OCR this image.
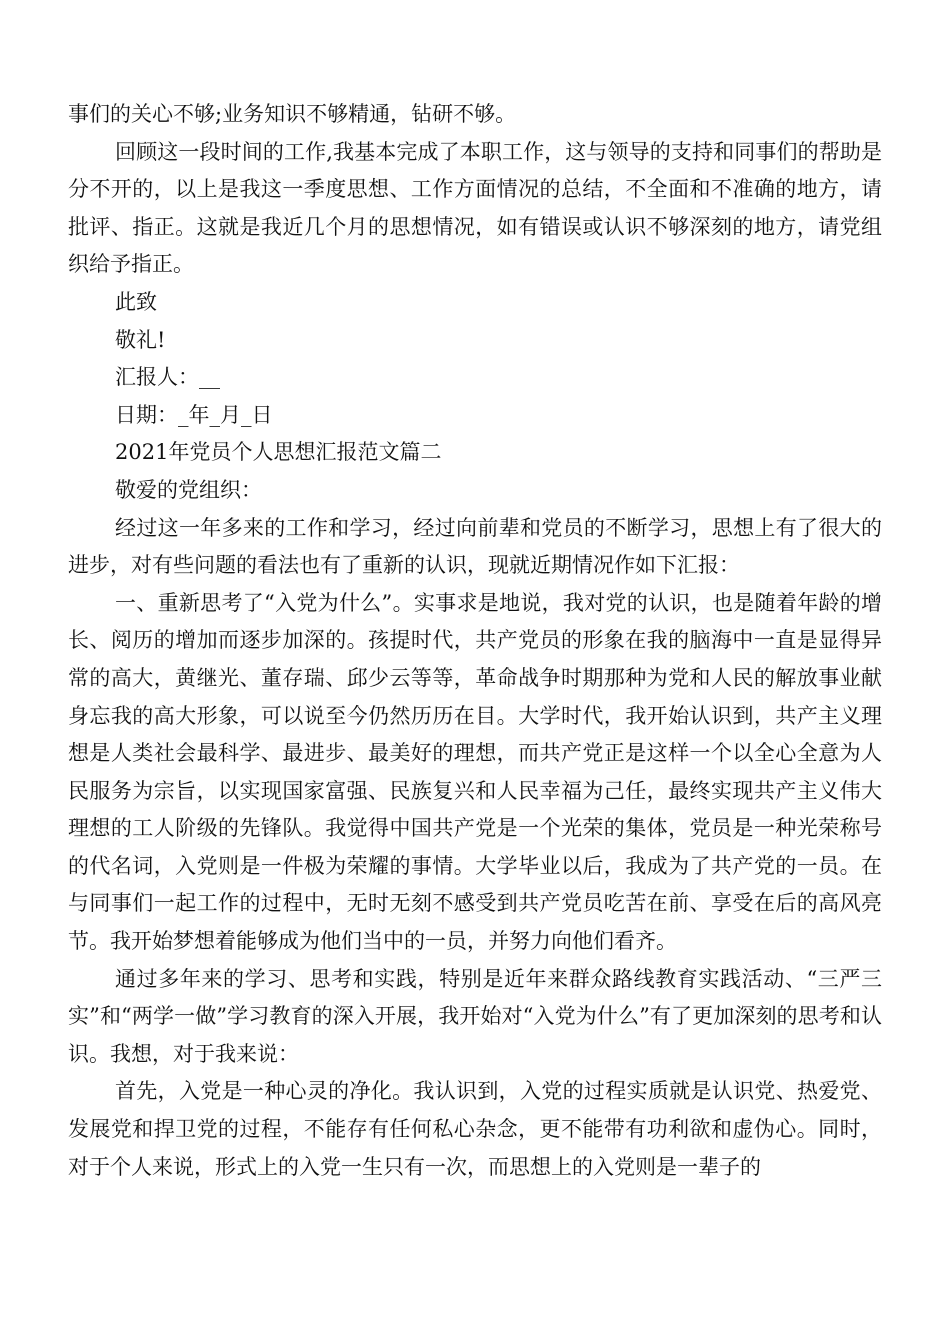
事们的关心不够;业务知识不够精通，钻研不够。

回顾这一段时间的工作,我基本完成了本职工作，这与领导的支持和同事们的帮助是分不开的，以上是我这一季度思想、工作方面情况的总结，不全面和不准确的地方，请批评、指正。这就是我近几个月的思想情况，如有错误或认识不够深刻的地方，请党组织给予指正。

此致

敬礼!

汇报人：__

日期：_年_月_日

2021年党员个人思想汇报范文篇二

敬爱的党组织：

经过这一年多来的工作和学习，经过向前辈和党员的不断学习，思想上有了很大的进步，对有些问题的看法也有了重新的认识，现就近期情况作如下汇报：

一、重新思考了“入党为什么”。实事求是地说，我对党的认识，也是随着年龄的增长、阅历的增加而逐步加深的。孩提时代，共产党员的形象在我的脑海中一直是显得异常的高大，黄继光、董存瑞、邱少云等等，革命战争时期那种为党和人民的解放事业献身忘我的高大形象，可以说至今仍然历历在目。大学时代，我开始认识到，共产主义理想是人类社会最科学、最进步、最美好的理想，而共产党正是这样一个以全心全意为人民服务为宗旨，以实现国家富强、民族复兴和人民幸福为己任，最终实现共产主义伟大理想的工人阶级的先锋队。我觉得中国共产党是一个光荣的集体，党员是一种光荣称号的代名词，入党则是一件极为荣耀的事情。大学毕业以后，我成为了共产党的一员。在与同事们一起工作的过程中，无时无刻不感受到共产党员吃苦在前、享受在后的高风亮节。我开始梦想着能够成为他们当中的一员，并努力向他们看齐。

通过多年来的学习、思考和实践，特别是近年来群众路线教育实践活动、“三严三实”和“两学一做”学习教育的深入开展，我开始对“入党为什么”有了更加深刻的思考和认识。我想，对于我来说：

首先，入党是一种心灵的净化。我认识到，入党的过程实质就是认识党、热爱党、发展党和捍卫党的过程，不能存有任何私心杂念，更不能带有功利欲和虚伪心。同时，对于个人来说，形式上的入党一生只有一次，而思想上的入党则是一辈子的
